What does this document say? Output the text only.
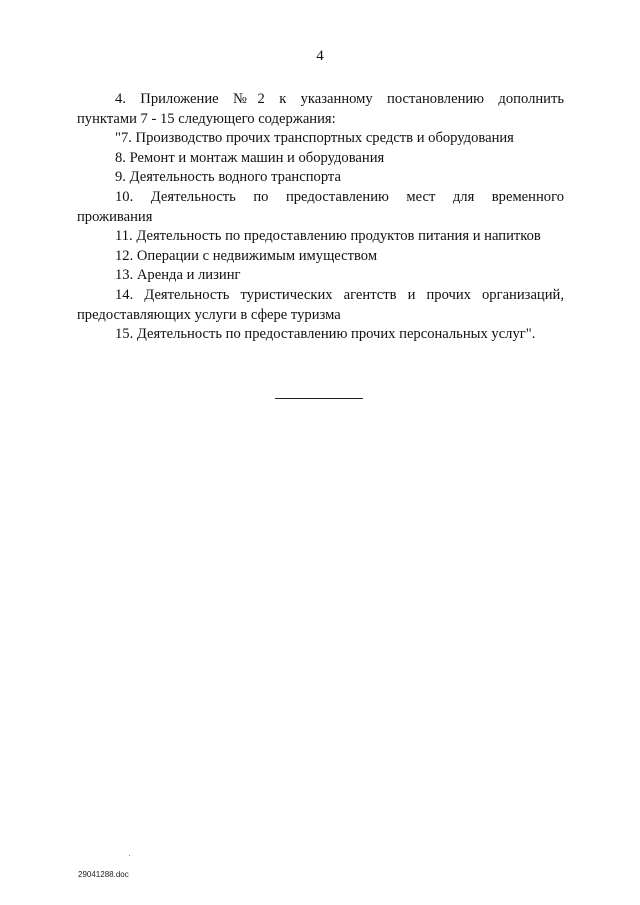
4

4. Приложение №2 к указанному постановлению дополнить

пунктами 7 - 15 следующего содержания:

"7. Производство прочих транспортных средств и оборудования

8. Ремонт и монтаж машин и оборудования

9. Деятельность водного транспорта

10. Деятельность по предоставлению мест для временного

проживания

11. Деятельность по предоставлению продуктов питания и напитков

12. Операции с недвижимым имуществом

13. Аренда и лизинг

14. Деятельность туристических агентств и прочих организаций,

предоставляющих услуги в сфере туризма

15. Деятельность по предоставлению прочих персональных услуг".

29041288.doc
